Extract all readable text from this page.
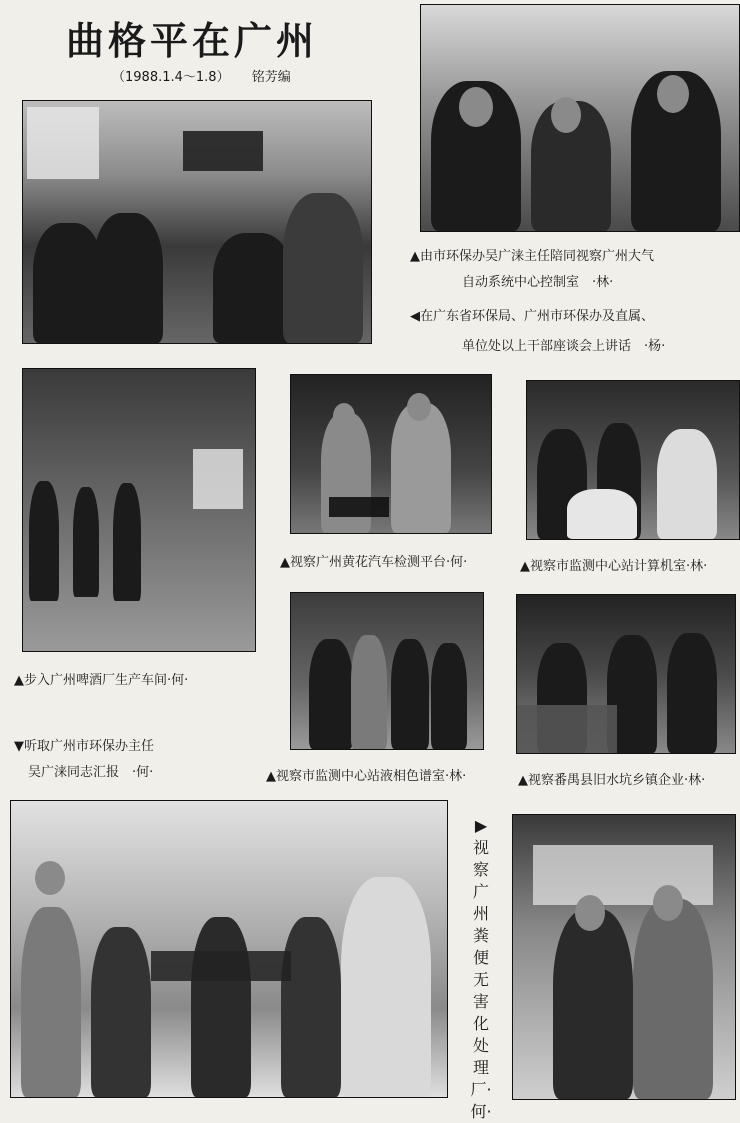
曲格平在广州
（1988.1.4～1.8） 铭芳编
▲由市环保办吴广涞主任陪同视察广州大气
自动系统中心控制室　·林·
◀在广东省环保局、广州市环保办及直属、
单位处以上干部座谈会上讲话　·杨·
▲视察广州黄花汽车检测平台·何·	▲视察市监测中心站计算机室·林·
▲步入广州啤酒厂生产车间·何·
▼听取广州市环保办主任
吴广涞同志汇报　·何·	▲视察市监测中心站液相色谱室·林·	▲视察番禺县旧水坑乡镇企业·林·
▶视察广州粪便无害化处理厂·何·
